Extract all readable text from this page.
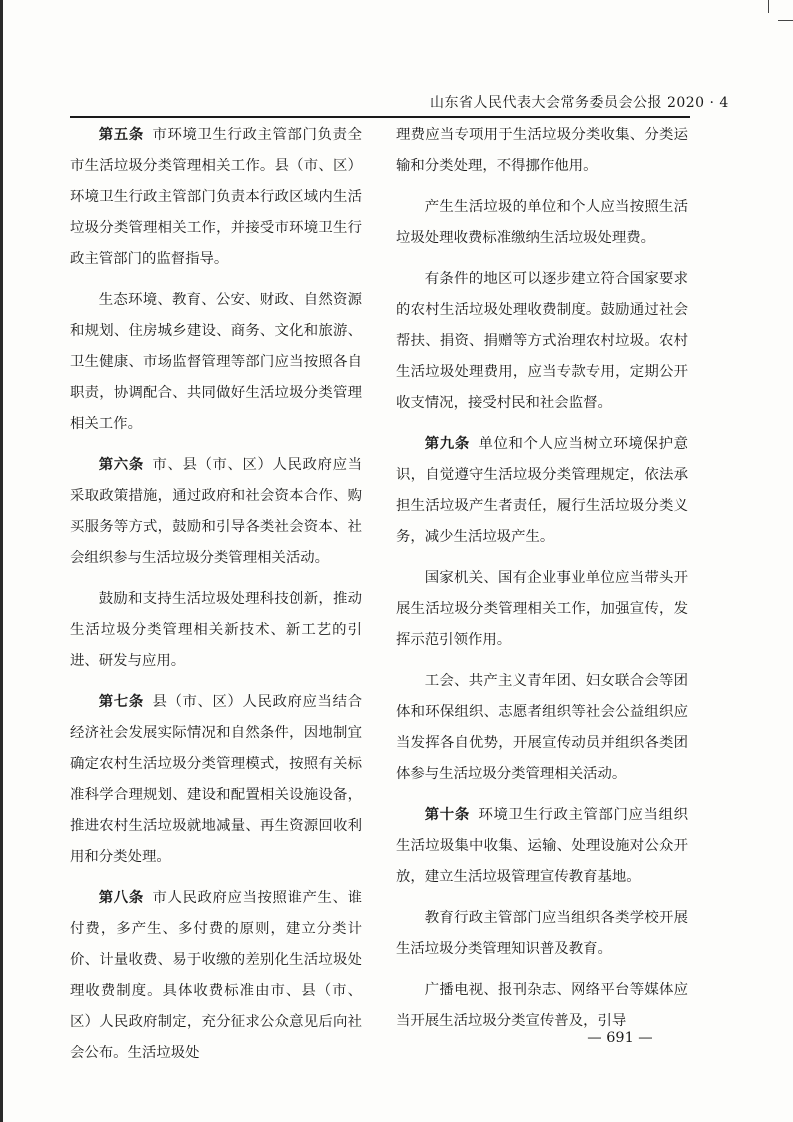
山东省人民代表大会常务委员会公报 2020 · 4

第五条 市环境卫生行政主管部门负责全市生活垃圾分类管理相关工作。县（市、区）环境卫生行政主管部门负责本行政区域内生活垃圾分类管理相关工作，并接受市环境卫生行政主管部门的监督指导。

生态环境、教育、公安、财政、自然资源和规划、住房城乡建设、商务、文化和旅游、卫生健康、市场监督管理等部门应当按照各自职责，协调配合、共同做好生活垃圾分类管理相关工作。

第六条 市、县（市、区）人民政府应当采取政策措施，通过政府和社会资本合作、购买服务等方式，鼓励和引导各类社会资本、社会组织参与生活垃圾分类管理相关活动。

鼓励和支持生活垃圾处理科技创新，推动生活垃圾分类管理相关新技术、新工艺的引进、研发与应用。

第七条 县（市、区）人民政府应当结合经济社会发展实际情况和自然条件，因地制宜确定农村生活垃圾分类管理模式，按照有关标准科学合理规划、建设和配置相关设施设备，推进农村生活垃圾就地减量、再生资源回收利用和分类处理。

第八条 市人民政府应当按照谁产生、谁付费，多产生、多付费的原则，建立分类计价、计量收费、易于收缴的差别化生活垃圾处理收费制度。具体收费标准由市、县（市、区）人民政府制定，充分征求公众意见后向社会公布。生活垃圾处

理费应当专项用于生活垃圾分类收集、分类运输和分类处理，不得挪作他用。

产生生活垃圾的单位和个人应当按照生活垃圾处理收费标准缴纳生活垃圾处理费。

有条件的地区可以逐步建立符合国家要求的农村生活垃圾处理收费制度。鼓励通过社会帮扶、捐资、捐赠等方式治理农村垃圾。农村生活垃圾处理费用，应当专款专用，定期公开收支情况，接受村民和社会监督。

第九条 单位和个人应当树立环境保护意识，自觉遵守生活垃圾分类管理规定，依法承担生活垃圾产生者责任，履行生活垃圾分类义务，减少生活垃圾产生。

国家机关、国有企业事业单位应当带头开展生活垃圾分类管理相关工作，加强宣传，发挥示范引领作用。

工会、共产主义青年团、妇女联合会等团体和环保组织、志愿者组织等社会公益组织应当发挥各自优势，开展宣传动员并组织各类团体参与生活垃圾分类管理相关活动。

第十条 环境卫生行政主管部门应当组织生活垃圾集中收集、运输、处理设施对公众开放，建立生活垃圾管理宣传教育基地。

教育行政主管部门应当组织各类学校开展生活垃圾分类管理知识普及教育。

广播电视、报刊杂志、网络平台等媒体应当开展生活垃圾分类宣传普及，引导

— 691 —
